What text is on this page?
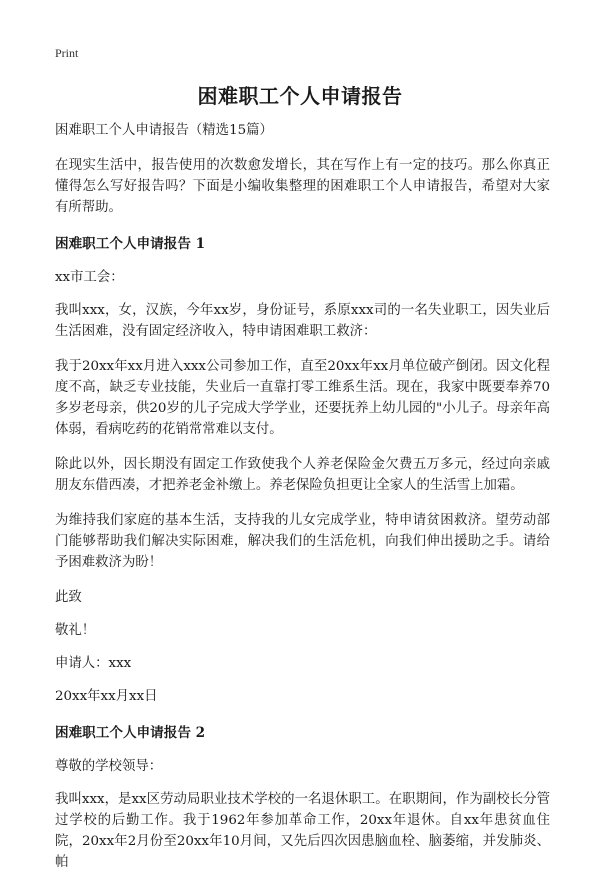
Print
困难职工个人申请报告

困难职工个人申请报告（精选15篇）

在现实生活中，报告使用的次数愈发增长，其在写作上有一定的技巧。那么你真正懂得怎么写好报告吗？下面是小编收集整理的困难职工个人申请报告，希望对大家有所帮助。

困难职工个人申请报告 1

xx市工会：

我叫xxx，女，汉族，今年xx岁，身份证号，系原xxx司的一名失业职工，因失业后生活困难，没有固定经济收入，特申请困难职工救济：

我于20xx年xx月进入xxx公司参加工作，直至20xx年xx月单位破产倒闭。因文化程度不高，缺乏专业技能，失业后一直靠打零工维系生活。现在，我家中既要奉养70多岁老母亲，供20岁的儿子完成大学学业，还要抚养上幼儿园的"小儿子。母亲年高体弱，看病吃药的花销常常难以支付。

除此以外，因长期没有固定工作致使我个人养老保险金欠费五万多元，经过向亲戚朋友东借西凑，才把养老金补缴上。养老保险负担更让全家人的生活雪上加霜。

为维持我们家庭的基本生活，支持我的儿女完成学业，特申请贫困救济。望劳动部门能够帮助我们解决实际困难，解决我们的生活危机，向我们伸出援助之手。请给予困难救济为盼！

此致

敬礼！

申请人：xxx

20xx年xx月xx日

困难职工个人申请报告 2

尊敬的学校领导：

我叫xxx，是xx区劳动局职业技术学校的一名退休职工。在职期间，作为副校长分管过学校的后勤工作。我于1962年参加革命工作，20xx年退休。自xx年患贫血住院，20xx年2月份至20xx年10月间，又先后四次因患脑血栓、脑萎缩，并发肺炎、帕
